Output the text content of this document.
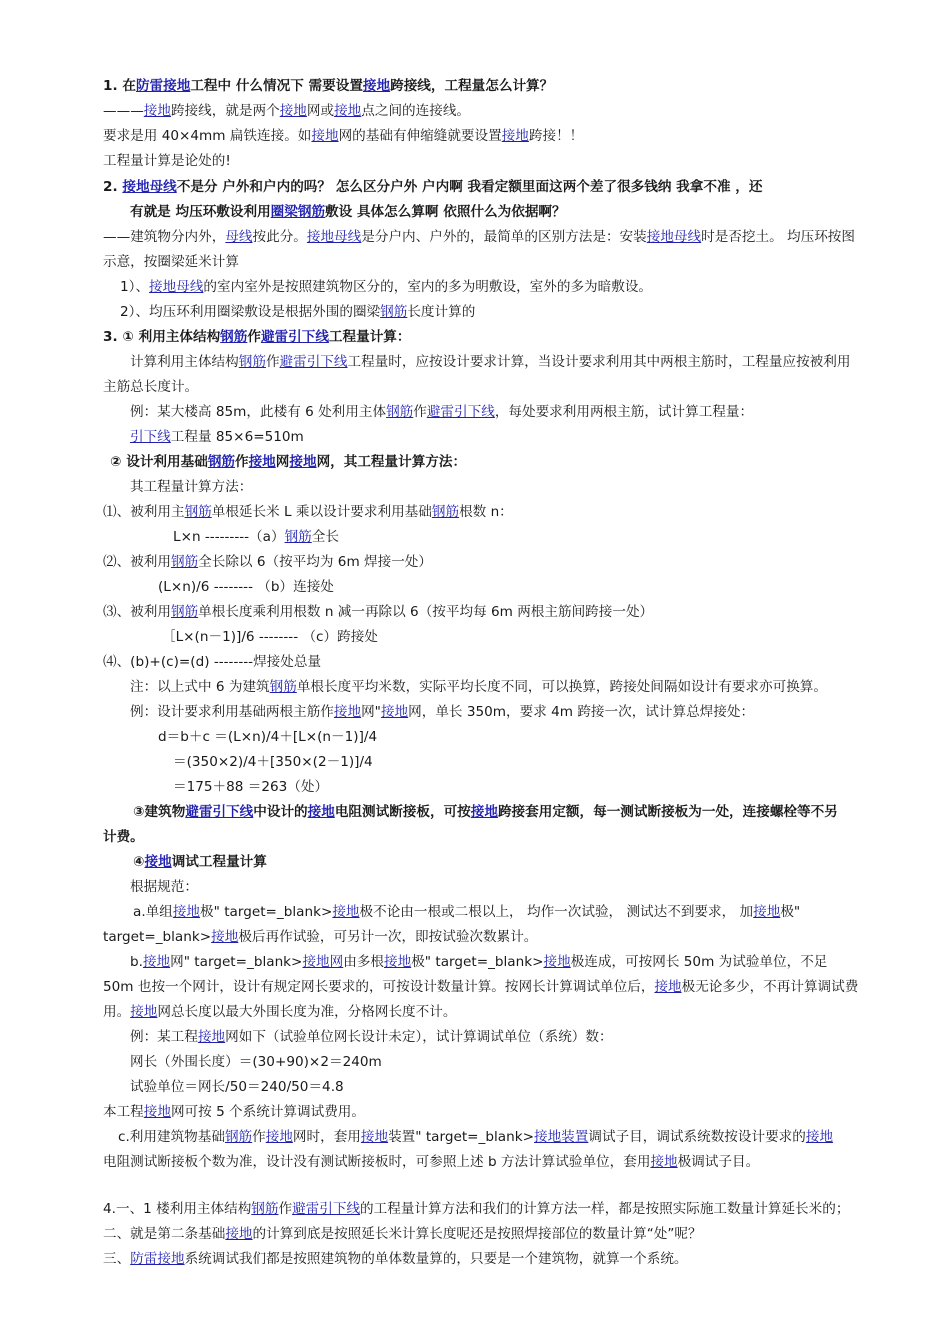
1. 在防雷接地工程中 什么情况下 需要设置接地跨接线，工程量怎么计算？
———接地跨接线，就是两个接地网或接地点之间的连接线。
要求是用 40×4mm 扁铁连接。如接地网的基础有伸缩缝就要设置接地跨接！！
工程量计算是论处的!
2. 接地母线不是分 户外和户内的吗？ 怎么区分户外 户内啊 我看定额里面这两个差了很多钱纳 我拿不准 ，还
有就是 均压环敷设利用圈梁钢筋敷设 具体怎么算啊 依照什么为依据啊？
——建筑物分内外，母线按此分。接地母线是分户内、户外的，最简单的区别方法是：安装接地母线时是否挖土。 均压环按图
示意，按圈梁延米计算
1）、接地母线的室内室外是按照建筑物区分的，室内的多为明敷设，室外的多为暗敷设。
2）、均压环利用圈梁敷设是根据外围的圈梁钢筋长度计算的
3. ① 利用主体结构钢筋作避雷引下线工程量计算：
计算利用主体结构钢筋作避雷引下线工程量时，应按设计要求计算，当设计要求利用其中两根主筋时，工程量应按被利用
主筋总长度计。
例：某大楼高 85m，此楼有 6 处利用主体钢筋作避雷引下线，每处要求利用两根主筋，试计算工程量：
引下线工程量 85×6=510m
② 设计利用基础钢筋作接地网接地网，其工程量计算方法：
其工程量计算方法：
⑴、被利用主钢筋单根延长米 L 乘以设计要求利用基础钢筋根数 n：
L×n ---------（a）钢筋全长
⑵、被利用钢筋全长除以 6（按平均为 6m 焊接一处）
(L×n)/6 -------- （b）连接处
⑶、被利用钢筋单根长度乘利用根数 n 减一再除以 6（按平均每 6m 两根主筋间跨接一处）
［L×(n－1)]/6 -------- （c）跨接处
⑷、(b)+(c)=(d) --------焊接处总量
注：以上式中 6 为建筑钢筋单根长度平均米数，实际平均长度不同，可以换算，跨接处间隔如设计有要求亦可换算。
例：设计要求利用基础两根主筋作接地网"接地网，单长 350m，要求 4m 跨接一次，试计算总焊接处：
d＝b＋c ＝(L×n)/4＋[L×(n－1)]/4
＝(350×2)/4＋[350×(2－1)]/4
＝175＋88 ＝263（处）
③建筑物避雷引下线中设计的接地电阻测试断接板，可按接地跨接套用定额，每一测试断接板为一处，连接螺栓等不另
计费。
④接地调试工程量计算
根据规范：
a.单组接地极" target=_blank>接地极不论由一根或二根以上， 均作一次试验， 测试达不到要求， 加接地极"
target=_blank>接地极后再作试验，可另计一次，即按试验次数累计。
b.接地网" target=_blank>接地网由多根接地极" target=_blank>接地极连成，可按网长 50m 为试验单位，不足
50m 也按一个网计，设计有规定网长要求的，可按设计数量计算。按网长计算调试单位后，接地极无论多少，不再计算调试费
用。接地网总长度以最大外围长度为准，分格网长度不计。
例：某工程接地网如下（试验单位网长设计未定），试计算调试单位（系统）数：
网长（外围长度）＝(30+90)×2＝240m
试验单位＝网长/50＝240/50＝4.8
本工程接地网可按 5 个系统计算调试费用。
c.利用建筑物基础钢筋作接地网时，套用接地装置" target=_blank>接地装置调试子目，调试系统数按设计要求的接地
电阻测试断接板个数为准，设计没有测试断接板时，可参照上述 b 方法计算试验单位，套用接地极调试子目。
4.一、1 楼利用主体结构钢筋作避雷引下线的工程量计算方法和我们的计算方法一样，都是按照实际施工数量计算延长米的；
二、就是第二条基础接地的计算到底是按照延长米计算长度呢还是按照焊接部位的数量计算“处”呢？
三、防雷接地系统调试我们都是按照建筑物的单体数量算的，只要是一个建筑物，就算一个系统。
